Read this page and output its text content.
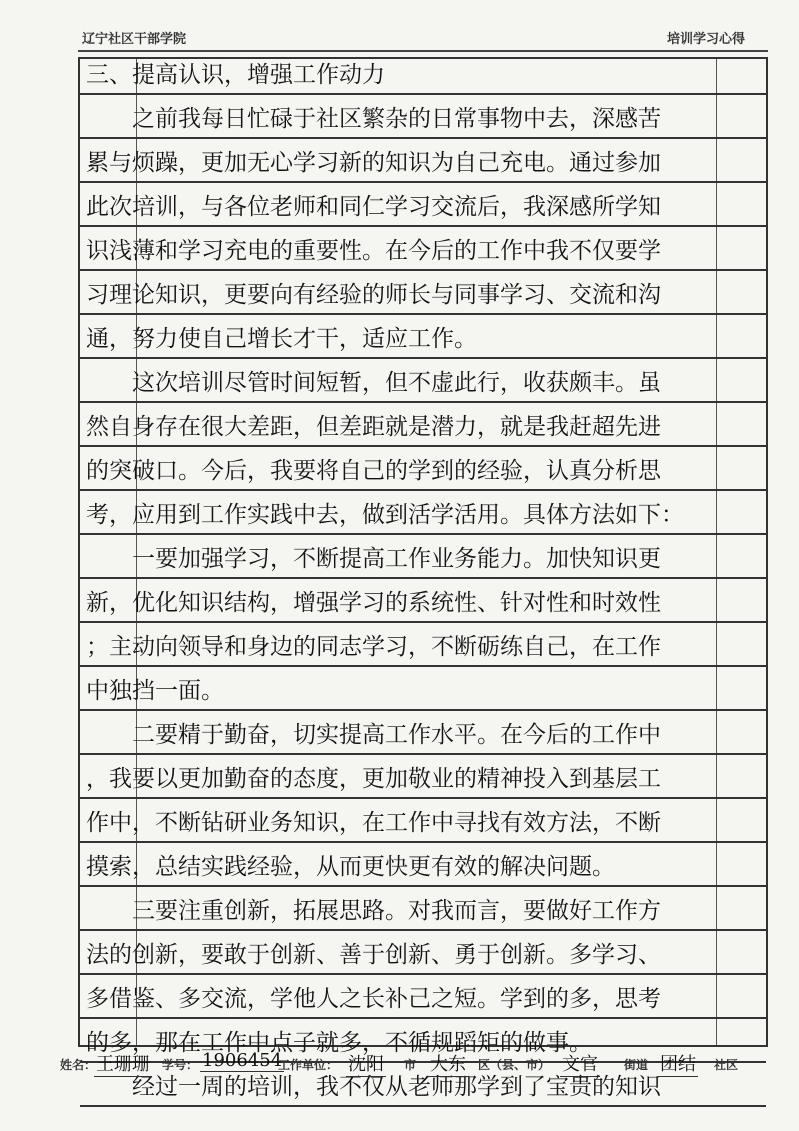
辽宁社区干部学院	培训学习心得
三、提高认识，增强工作动力
　　之前我每日忙碌于社区繁杂的日常事物中去，深感苦
累与烦躁，更加无心学习新的知识为自己充电。通过参加
此次培训，与各位老师和同仁学习交流后，我深感所学知
识浅薄和学习充电的重要性。在今后的工作中我不仅要学
习理论知识，更要向有经验的师长与同事学习、交流和沟
通，努力使自己增长才干，适应工作。
　　这次培训尽管时间短暂，但不虚此行，收获颇丰。虽
然自身存在很大差距，但差距就是潜力，就是我赶超先进
的突破口。今后，我要将自己的学到的经验，认真分析思
考，应用到工作实践中去，做到活学活用。具体方法如下：
　　一要加强学习，不断提高工作业务能力。加快知识更
新，优化知识结构，增强学习的系统性、针对性和时效性
；主动向领导和身边的同志学习，不断砺练自己，在工作
中独挡一面。
　　二要精于勤奋，切实提高工作水平。在今后的工作中
，我要以更加勤奋的态度，更加敬业的精神投入到基层工
作中，不断钻研业务知识，在工作中寻找有效方法，不断
摸索，总结实践经验，从而更快更有效的解决问题。
　　三要注重创新，拓展思路。对我而言，要做好工作方
法的创新，要敢于创新、善于创新、勇于创新。多学习、
多借鉴、多交流，学他人之长补己之短。学到的多，思考
的多，那在工作中点子就多，不循规蹈矩的做事。
　　经过一周的培训，我不仅从老师那学到了宝贵的知识
姓名： 王珊珊 学号： 1906454
工作单位： 沈阳 市 大东 区（县、市） 文官 街道 团结 社区
